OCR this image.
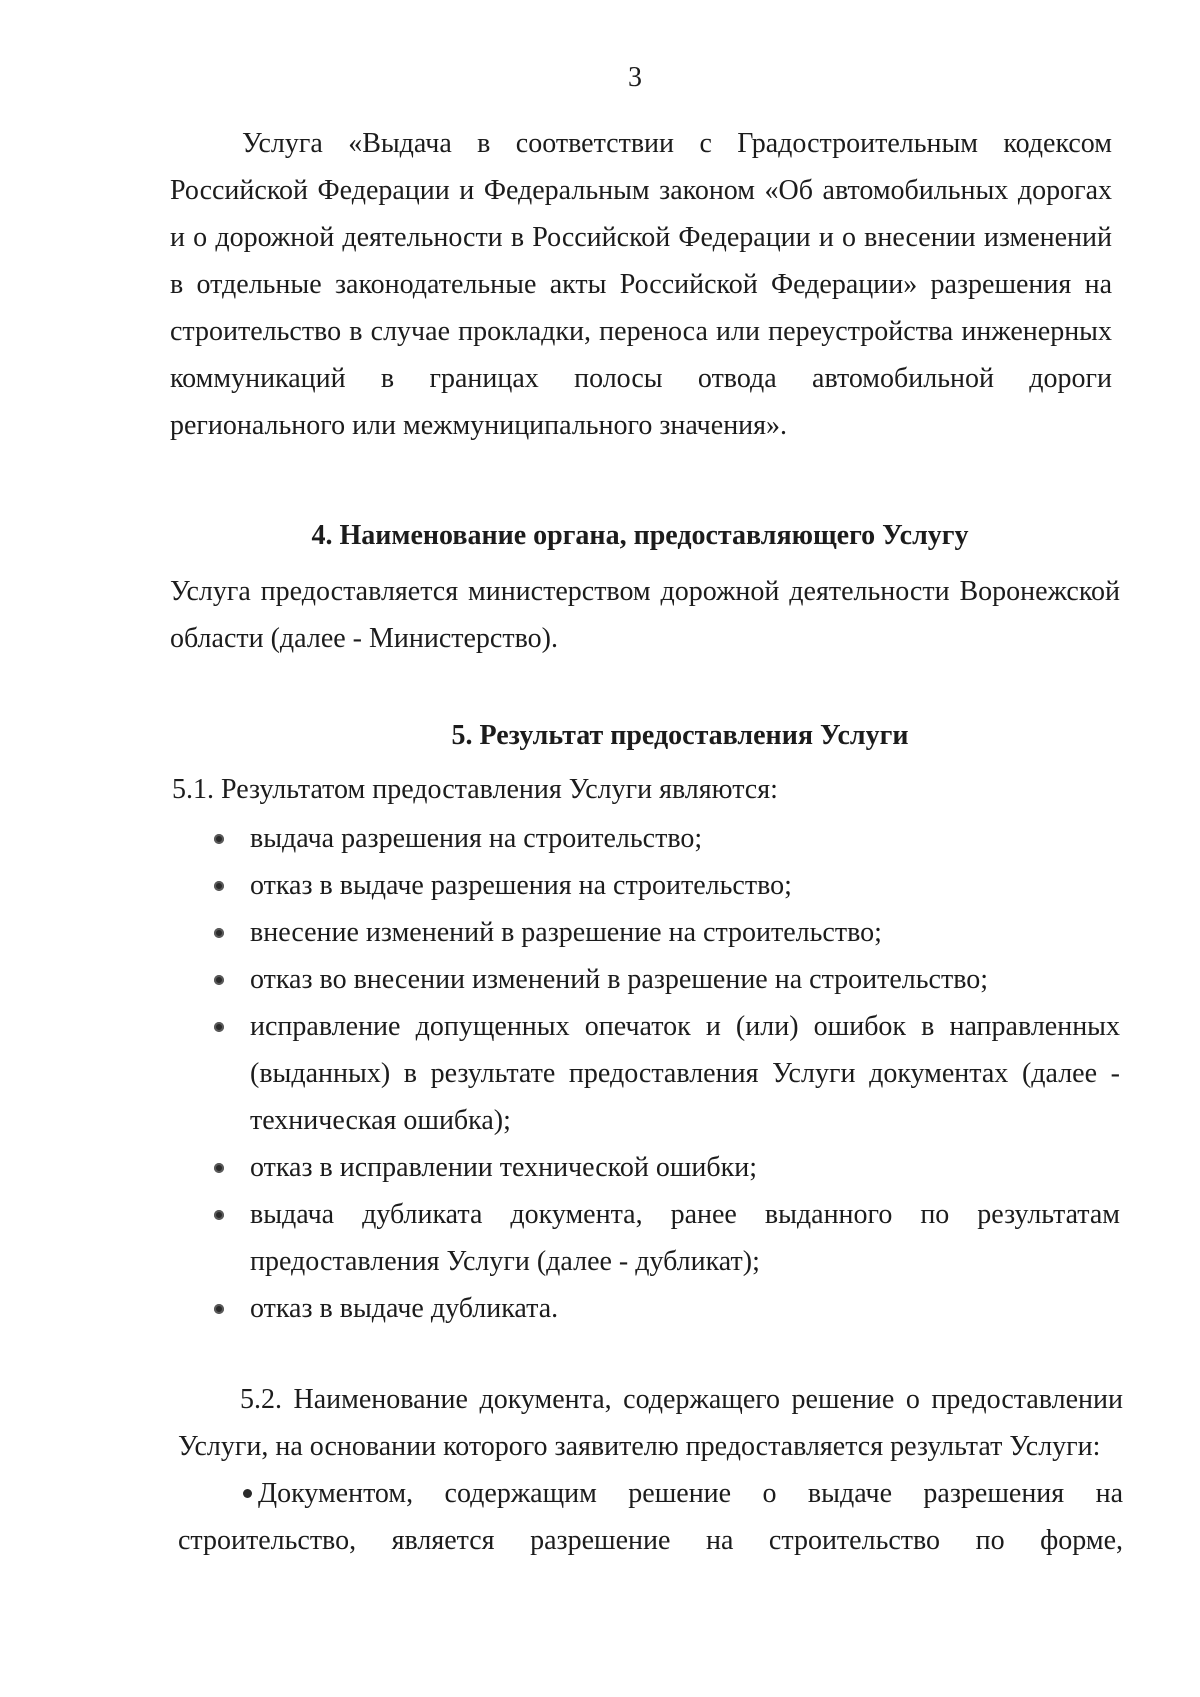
3

Услуга «Выдача в соответствии с Градостроительным кодексом Российской Федерации и Федеральным законом «Об автомобильных дорогах и о дорожной деятельности в Российской Федерации и о внесении изменений в отдельные законодательные акты Российской Федерации» разрешения на строительство в случае прокладки, переноса или переустройства инженерных коммуникаций в границах полосы отвода автомобильной дороги регионального или межмуниципального значения».

4. Наименование органа, предоставляющего Услугу

Услуга предоставляется министерством дорожной деятельности Воронежской области (далее - Министерство).

5. Результат предоставления Услуги
5.1. Результатом предоставления Услуги являются:
выдача разрешения на строительство;
отказ в выдаче разрешения на строительство;
внесение изменений в разрешение на строительство;
отказ во внесении изменений в разрешение на строительство;
исправление допущенных опечаток и (или) ошибок в направленных (выданных) в результате предоставления Услуги документах (далее - техническая ошибка);
отказ в исправлении технической ошибки;
выдача дубликата документа, ранее выданного по результатам предоставления Услуги (далее - дубликат);
отказ в выдаче дубликата.

5.2. Наименование документа, содержащего решение о предоставлении Услуги, на основании которого заявителю предоставляется результат Услуги:

Документом, содержащим решение о выдаче разрешения на строительство, является разрешение на строительство по форме,
